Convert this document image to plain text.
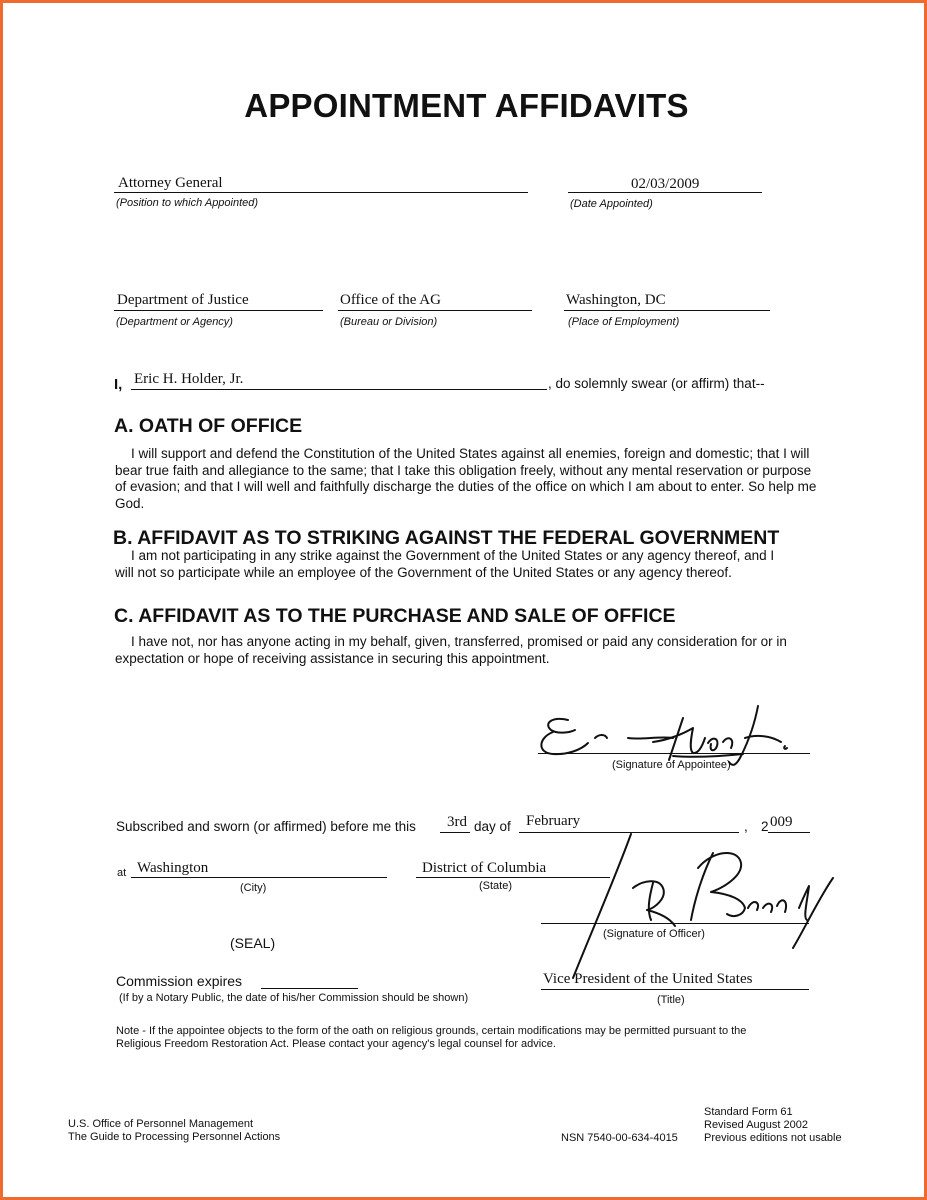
APPOINTMENT AFFIDAVITS
Attorney General
(Position to which Appointed)
02/03/2009
(Date Appointed)
Department of Justice
(Department or Agency)
Office of the AG
(Bureau or Division)
Washington, DC
(Place of Employment)
I, Eric H. Holder, Jr.	, do solemnly swear (or affirm) that--
A. OATH OF OFFICE
I will support and defend the Constitution of the United States against all enemies, foreign and domestic; that I will bear true faith and allegiance to the same; that I take this obligation freely, without any mental reservation or purpose of evasion; and that I will well and faithfully discharge the duties of the office on which I am about to enter. So help me God.
B. AFFIDAVIT AS TO STRIKING AGAINST THE FEDERAL GOVERNMENT
I am not participating in any strike against the Government of the United States or any agency thereof, and I will not so participate while an employee of the Government of the United States or any agency thereof.
C. AFFIDAVIT AS TO THE PURCHASE AND SALE OF OFFICE
I have not, nor has anyone acting in my behalf, given, transferred, promised or paid any consideration for or in expectation or hope of receiving assistance in securing this appointment.
(Signature of Appointee)
Subscribed and sworn (or affirmed) before me this 3rd day of February	, 2 009
at Washington
(City)
District of Columbia
(State)
(Signature of Officer)
(SEAL)
Commission expires
(If by a Notary Public, the date of his/her Commission should be shown)
Vice President of the United States
(Title)
Note - If the appointee objects to the form of the oath on religious grounds, certain modifications may be permitted pursuant to the
Religious Freedom Restoration Act. Please contact your agency's legal counsel for advice.
U.S. Office of Personnel Management
The Guide to Processing Personnel Actions	NSN 7540-00-634-4015
Standard Form 61
Revised August 2002
Previous editions not usable
